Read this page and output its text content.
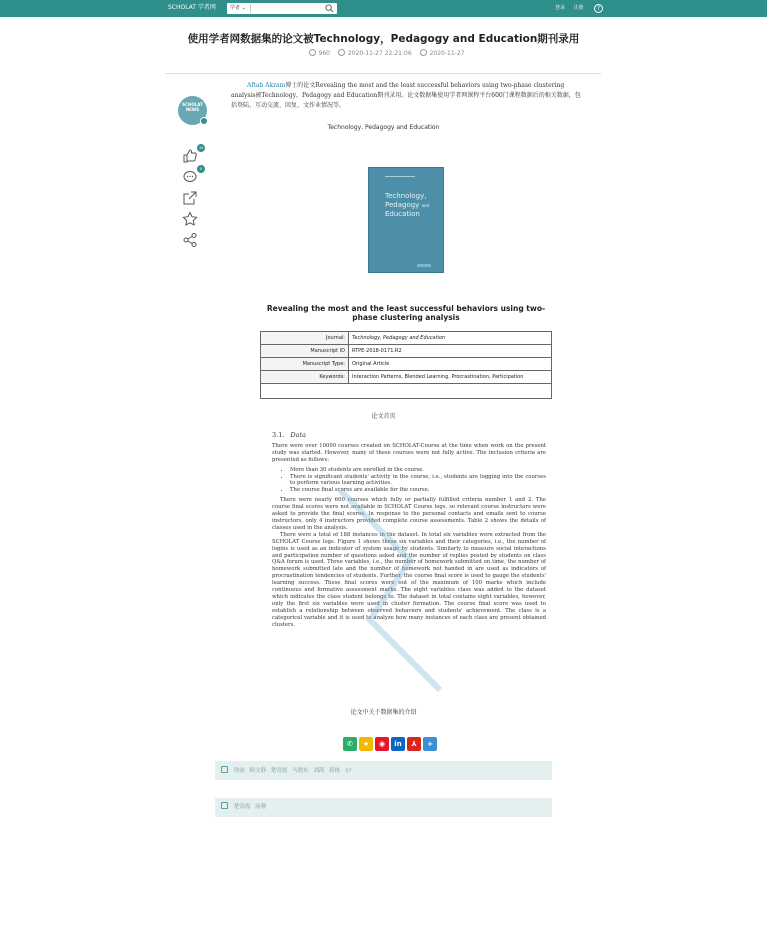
SCHOLAT 学者网	学者 ⌄	登录 注册	?
使用学者网数据集的论文被Technology，Pedagogy and Education期刊录用
960	2020-11-27 22:21:06	2020-11-27
SCHOLAT NEWS
34
0
Aftab Akram博士的论文Revealing the most and the least successful behaviors using two-phase clustering analysis被Technology，Pedagogy and Education期刊录用。论文数据集使用学者网课程平台600门课程数据后的相关数据，包括登陆、互动交流、回复、文作业情况等。
Technology, Pedagogy and Education
Technology,
Pedagogy and
Education
Revealing the most and the least successful behaviors using two-phase clustering analysis
Journal:	Technology, Pedagogy and Education
Manuscript ID	RTPE-2018-0171.R2
Manuscript Type:	Original Article
Keywords:	Interaction Patterns, Blended Learning, Procrastination, Participation

论文首页
3.1. Data

There were over 10000 courses created on SCHOLAT-Course at the time when work on the present study was started. However, many of these courses were not fully active. The inclusion criteria are presented as follows:

• More than 30 students are enrolled in the course.
• There is significant students' activity in the course, i.e., students are logging into the courses to perform various learning activities.
• The course final scores are available for the course.

There were nearly 600 courses which fully or partially fulfilled criteria number 1 and 2. The course final scores were not available in SCHOLAT Course logs, so relevant course instructors were asked to provide the final scores. In response to the personal contacts and emails sent to course instructors, only 4 instructors provided complete course assessments. Table 2 shows the details of classes used in the analysis.

There were a total of 188 instances in the dataset. In total six variables were extracted from the SCHOLAT Course logs. Figure 1 shows these six variables and their categories, i.e., the number of logins is used as an indicator of system usage by students. Similarly to measure social interactions and participation number of questions asked and the number of replies posted by students on class Q&A forum is used. Three variables, i.e., the number of homework submitted on time, the number of homework submitted late and the number of homework not handed in are used as indicators of procrastination tendencies of students. Further, the course final score is used to gauge the students' learning success. These final scores were out of the maximum of 100 marks which include continuous and formative assessment marks. The eight variables class was added to the dataset which indicates the class student belongs to. The dataset in total contains eight variables, however, only the first six variables were used in cluster formation. The course final score was used to establish a relationship between observed behaviors and students' achievement. The class is a categorical variable and it is used to analyze how many instances of each class are present obtained clusters.

论文中关于数据集的介绍
✆ ★ ◉ in ⅄ +
徐雨 顾文静 楚寄霞 马晓东 刘海 蒋栋 等7
楚寄霞 汤珊
